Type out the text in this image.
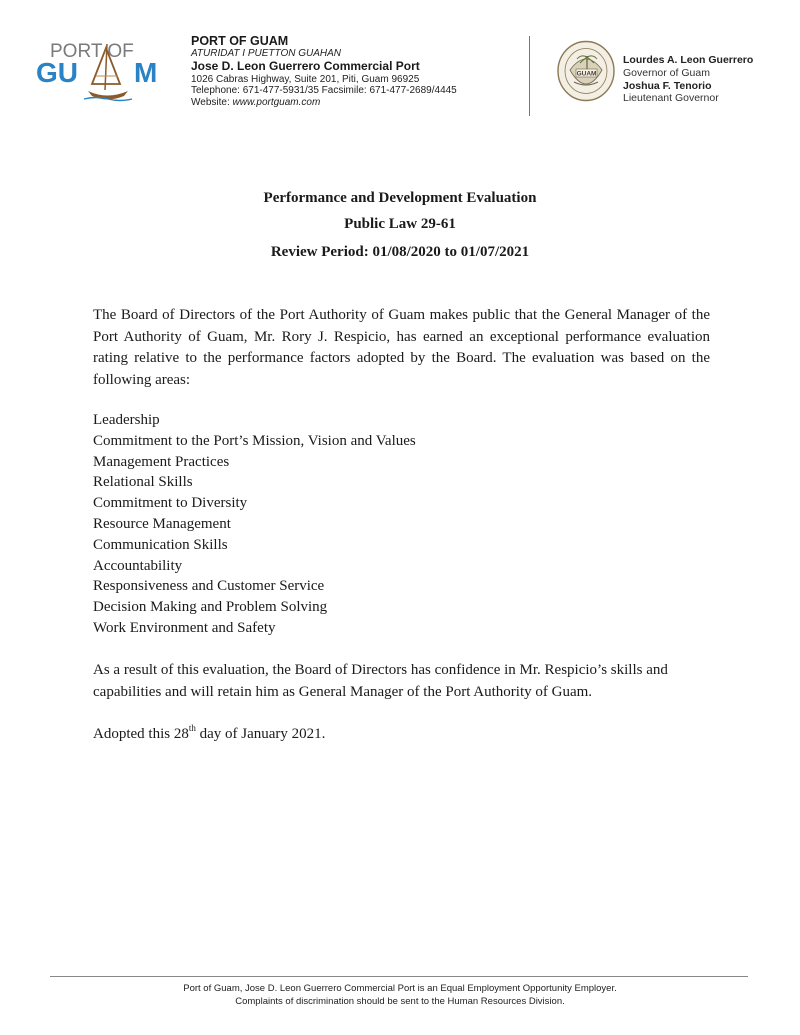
PORT OF
GU M
PORT OF GUAM
ATURIDAT I PUETTON GUAHAN
Jose D. Leon Guerrero Commercial Port
1026 Cabras Highway, Suite 201, Piti, Guam 96925
Telephone: 671-477-5931/35 Facsimile: 671-477-2689/4445
Website: www.portguam.com
GUAM
Lourdes A. Leon Guerrero
Governor of Guam
Joshua F. Tenorio
Lieutenant Governor
Performance and Development Evaluation
Public Law 29-61
Review Period: 01/08/2020 to 01/07/2021

The Board of Directors of the Port Authority of Guam makes public that the General Manager of the Port Authority of Guam, Mr. Rory J. Respicio, has earned an exceptional performance evaluation rating relative to the performance factors adopted by the Board. The evaluation was based on the following areas:

Leadership
Commitment to the Port’s Mission, Vision and Values
Management Practices
Relational Skills
Commitment to Diversity
Resource Management
Communication Skills
Accountability
Responsiveness and Customer Service
Decision Making and Problem Solving
Work Environment and Safety

As a result of this evaluation, the Board of Directors has confidence in Mr. Respicio’s skills and capabilities and will retain him as General Manager of the Port Authority of Guam.

Adopted this 28th day of January 2021.
Port of Guam, Jose D. Leon Guerrero Commercial Port is an Equal Employment Opportunity Employer.
Complaints of discrimination should be sent to the Human Resources Division.
